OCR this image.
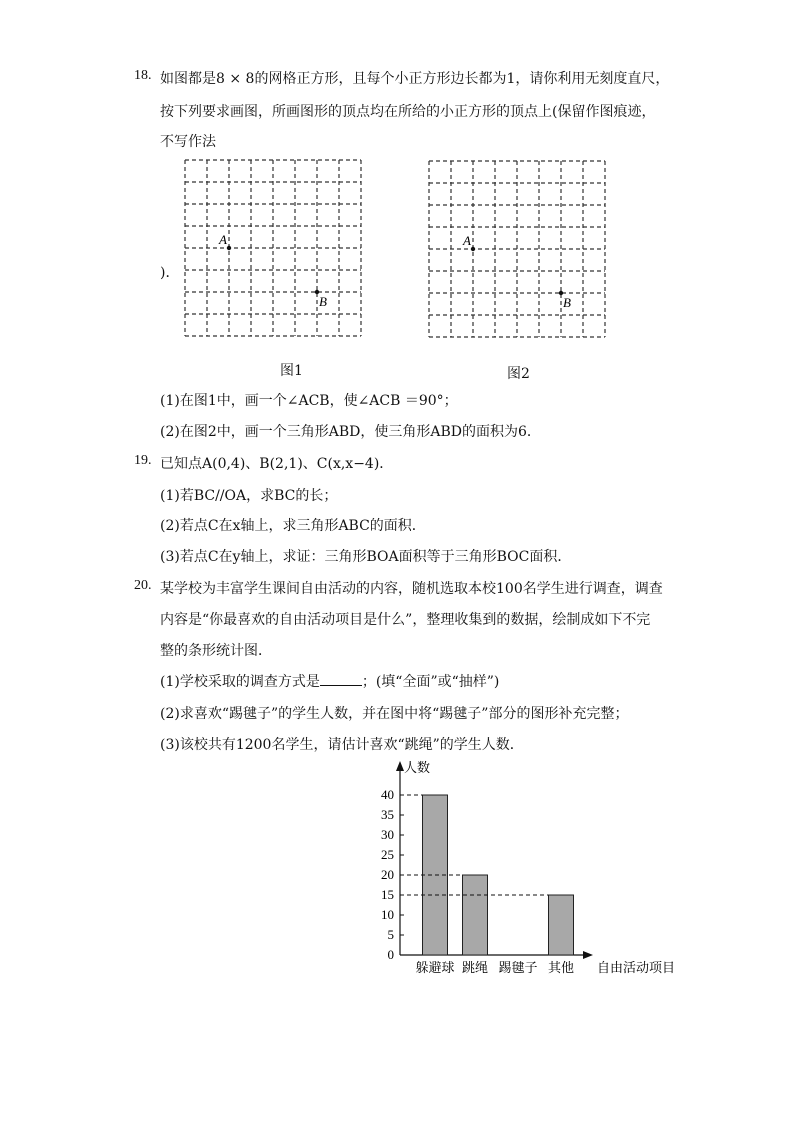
18. 如图都是8 × 8的网格正方形，且每个小正方形边长都为1，请你利用无刻度直尺，
按下列要求画图，所画图形的顶点均在所给的小正方形的顶点上(保留作图痕迹，
不写作法
)．
A
B
图1
A
B
图2
(1)在图1中，画一个∠ACB，使∠ACB ＝90°；
(2)在图2中，画一个三角形ABD，使三角形ABD的面积为6．
19. 已知点A(0,4)、B(2,1)、C(x,x−4)．
(1)若BC//OA，求BC的长；
(2)若点C在x轴上，求三角形ABC的面积．
(3)若点C在y轴上，求证：三角形BOA面积等于三角形BOC面积．
20. 某学校为丰富学生课间自由活动的内容，随机选取本校100名学生进行调查，调查
内容是“你最喜欢的自由活动项目是什么”，整理收集到的数据，绘制成如下不完
整的条形统计图．
(1)学校采取的调查方式是	；(填“全面”或“抽样”)
(2)求喜欢“踢毽子”的学生人数，并在图中将“踢毽子”部分的图形补充完整；
(3)该校共有1200名学生，请估计喜欢“跳绳”的学生人数．
人数
自由活动项目
0
5
10
15
20
25
30
35
40
躲避球 跳绳 踢毽子 其他
